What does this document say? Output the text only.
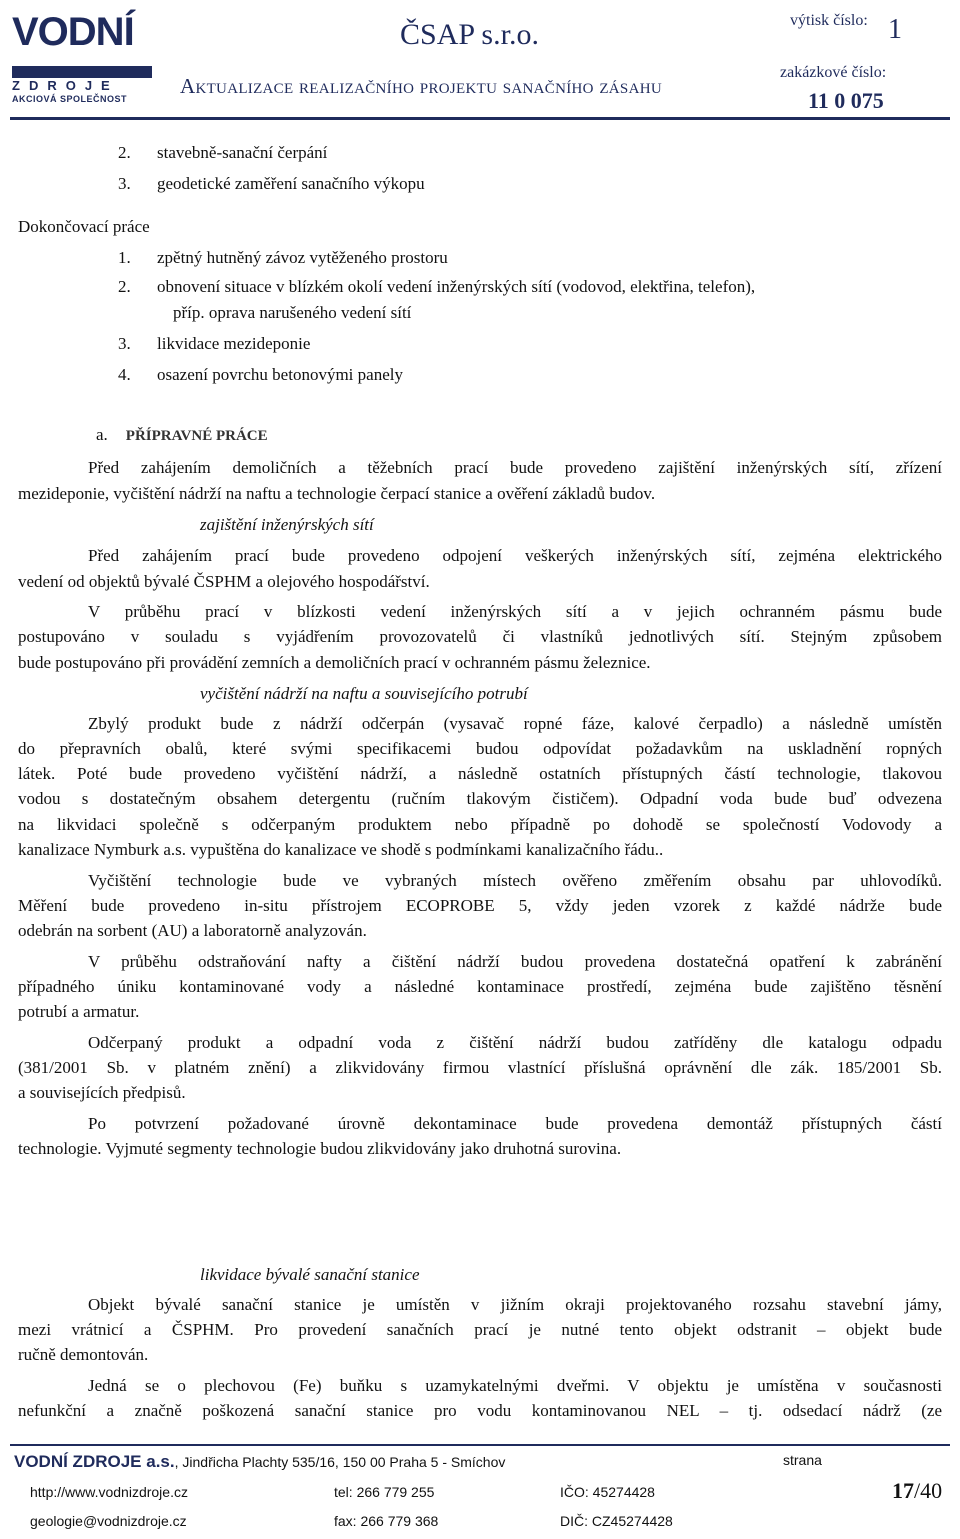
VODNÍ
ZDROJE
AKCIOVÁ SPOLEČNOST
ČSAP s.r.o.
Aktualizace realizačního projektu sanačního zásahu
výtisk číslo: 1
zakázkové číslo:
11 0 075
2. stavebně-sanační čerpání
3. geodetické zaměření sanačního výkopu
Dokončovací práce
1. zpětný hutněný závoz vytěženého prostoru
2. obnovení situace v blízkém okolí vedení inženýrských sítí (vodovod, elektřina, telefon),
příp. oprava narušeného vedení sítí
3. likvidace mezideponie
4. osazení povrchu betonovými panely
a. PŘÍPRAVNÉ PRÁCE
Před zahájením demoličních a těžebních prací bude provedeno zajištění inženýrských sítí, zřízení
mezideponie, vyčištění nádrží na naftu a technologie čerpací stanice a ověření základů budov.
zajištění inženýrských sítí
Před zahájením prací bude provedeno odpojení veškerých inženýrských sítí, zejména elektrického
vedení od objektů bývalé ČSPHM a olejového hospodářství.
V průběhu prací v blízkosti vedení inženýrských sítí a v jejich ochranném pásmu bude
postupováno v souladu s vyjádřením provozovatelů či vlastníků jednotlivých sítí. Stejným způsobem
bude postupováno při provádění zemních a demoličních prací v ochranném pásmu železnice.
vyčištění nádrží na naftu a souvisejícího potrubí
Zbylý produkt bude z nádrží odčerpán (vysavač ropné fáze, kalové čerpadlo) a následně umístěn
do přepravních obalů, které svými specifikacemi budou odpovídat požadavkům na uskladnění ropných
látek. Poté bude provedeno vyčištění nádrží, a následně ostatních přístupných částí technologie, tlakovou
vodou s dostatečným obsahem detergentu (ručním tlakovým čističem). Odpadní voda bude buď odvezena
na likvidaci společně s odčerpaným produktem nebo případně po dohodě se společností Vodovody a
kanalizace Nymburk a.s. vypuštěna do kanalizace ve shodě s podmínkami kanalizačního řádu..
Vyčištění technologie bude ve vybraných místech ověřeno změřením obsahu par uhlovodíků.
Měření bude provedeno in-situ přístrojem ECOPROBE 5, vždy jeden vzorek z každé nádrže bude
odebrán na sorbent (AU) a laboratorně analyzován.
V průběhu odstraňování nafty a čištění nádrží budou provedena dostatečná opatření k zabránění
případného úniku kontaminované vody a následné kontaminace prostředí, zejména bude zajištěno těsnění
potrubí a armatur.
Odčerpaný produkt a odpadní voda z čištění nádrží budou zatříděny dle katalogu odpadu
(381/2001 Sb. v platném znění) a zlikvidovány firmou vlastnící příslušná oprávnění dle zák. 185/2001 Sb.
a souvisejících předpisů.
Po potvrzení požadované úrovně dekontaminace bude provedena demontáž přístupných částí
technologie. Vyjmuté segmenty technologie budou zlikvidovány jako druhotná surovina.
likvidace bývalé sanační stanice
Objekt bývalé sanační stanice je umístěn v jižním okraji projektovaného rozsahu stavební jámy,
mezi vrátnicí a ČSPHM. Pro provedení sanačních prací je nutné tento objekt odstranit – objekt bude
ručně demontován.
Jedná se o plechovou (Fe) buňku s uzamykatelnými dveřmi. V objektu je umístěna v současnosti
nefunkční a značně poškozená sanační stanice pro vodu kontaminovanou NEL – tj. odsedací nádrž (ze
VODNÍ ZDROJE a.s., Jindřicha Plachty 535/16, 150 00 Praha 5 - Smíchov
http://www.vodnizdroje.cz	tel: 266 779 255	IČO: 45274428
geologie@vodnizdroje.cz	fax: 266 779 368	DIČ: CZ45274428
strana
17/40
